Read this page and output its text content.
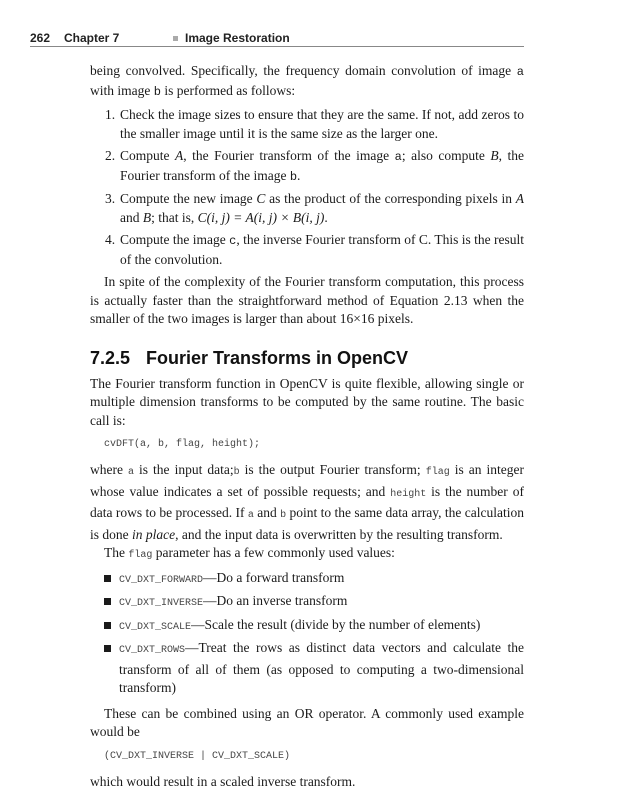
262 Chapter 7	Image Restoration

being convolved. Specifically, the frequency domain convolution of image a with image b is performed as follows:

1. Check the image sizes to ensure that they are the same. If not, add zeros to the smaller image until it is the same size as the larger one.
2. Compute A, the Fourier transform of the image a; also compute B, the Fourier transform of the image b.
3. Compute the new image C as the product of the corresponding pixels in A and B; that is, C(i, j) = A(i, j) × B(i, j).
4. Compute the image c, the inverse Fourier transform of C. This is the result of the convolution.

In spite of the complexity of the Fourier transform computation, this process is actually faster than the straightforward method of Equation 2.13 when the smaller of the two images is larger than about 16×16 pixels.

7.2.5 Fourier Transforms in OpenCV

The Fourier transform function in OpenCV is quite flexible, allowing single or multiple dimension transforms to be computed by the same routine. The basic call is:

cvDFT(a, b, flag, height);

where a is the input data;b is the output Fourier transform; flag is an integer whose value indicates a set of possible requests; and height is the number of data rows to be processed. If a and b point to the same data array, the calculation is done in place, and the input data is overwritten by the resulting transform.

The flag parameter has a few commonly used values:

CV_DXT_FORWARD—Do a forward transform
CV_DXT_INVERSE—Do an inverse transform
CV_DXT_SCALE—Scale the result (divide by the number of elements)
CV_DXT_ROWS—Treat the rows as distinct data vectors and calculate the transform of all of them (as opposed to computing a two-dimensional transform)

These can be combined using an OR operator. A commonly used example would be

(CV_DXT_INVERSE | CV_DXT_SCALE)

which would result in a scaled inverse transform.
